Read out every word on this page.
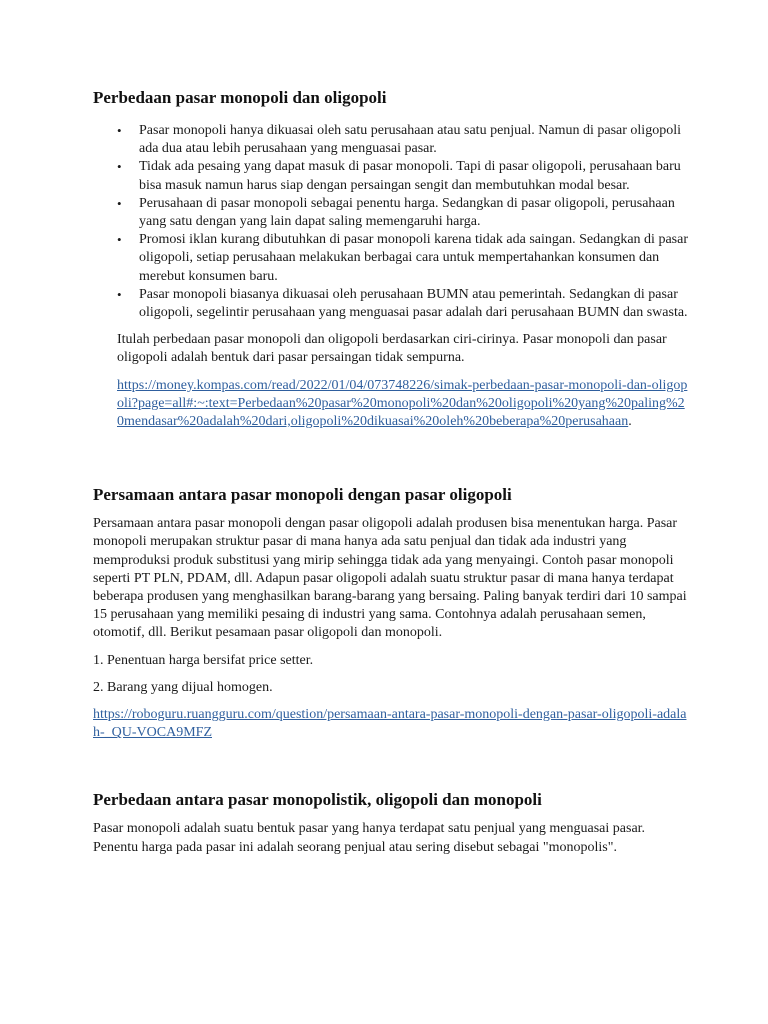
Perbedaan pasar monopoli dan oligopoli
• Pasar monopoli hanya dikuasai oleh satu perusahaan atau satu penjual. Namun di pasar oligopoli ada dua atau lebih perusahaan yang menguasai pasar.
• Tidak ada pesaing yang dapat masuk di pasar monopoli. Tapi di pasar oligopoli, perusahaan baru bisa masuk namun harus siap dengan persaingan sengit dan membutuhkan modal besar.
• Perusahaan di pasar monopoli sebagai penentu harga. Sedangkan di pasar oligopoli, perusahaan yang satu dengan yang lain dapat saling memengaruhi harga.
• Promosi iklan kurang dibutuhkan di pasar monopoli karena tidak ada saingan. Sedangkan di pasar oligopoli, setiap perusahaan melakukan berbagai cara untuk mempertahankan konsumen dan merebut konsumen baru.
• Pasar monopoli biasanya dikuasai oleh perusahaan BUMN atau pemerintah. Sedangkan di pasar oligopoli, segelintir perusahaan yang menguasai pasar adalah dari perusahaan BUMN dan swasta.

Itulah perbedaan pasar monopoli dan oligopoli berdasarkan ciri-cirinya. Pasar monopoli dan pasar oligopoli adalah bentuk dari pasar persaingan tidak sempurna.

https://money.kompas.com/read/2022/01/04/073748226/simak-perbedaan-pasar-monopoli-dan-oligopoli?page=all#:~:text=Perbedaan%20pasar%20monopoli%20dan%20oligopoli%20yang%20paling%20mendasar%20adalah%20dari,oligopoli%20dikuasai%20oleh%20beberapa%20perusahaan.

Persamaan antara pasar monopoli dengan pasar oligopoli

Persamaan antara pasar monopoli dengan pasar oligopoli adalah produsen bisa menentukan harga. Pasar monopoli merupakan struktur pasar di mana hanya ada satu penjual dan tidak ada industri yang memproduksi produk substitusi yang mirip sehingga tidak ada yang menyaingi. Contoh pasar monopoli seperti PT PLN, PDAM, dll. Adapun pasar oligopoli adalah suatu struktur pasar di mana hanya terdapat beberapa produsen yang menghasilkan barang-barang yang bersaing. Paling banyak terdiri dari 10 sampai 15 perusahaan yang memiliki pesaing di industri yang sama. Contohnya adalah perusahaan semen, otomotif, dll. Berikut pesamaan pasar oligopoli dan monopoli.

1. Penentuan harga bersifat price setter.

2. Barang yang dijual homogen.

https://roboguru.ruangguru.com/question/persamaan-antara-pasar-monopoli-dengan-pasar-oligopoli-adalah-_QU-VOCA9MFZ

Perbedaan antara pasar monopolistik, oligopoli dan monopoli

Pasar monopoli adalah suatu bentuk pasar yang hanya terdapat satu penjual yang menguasai pasar. Penentu harga pada pasar ini adalah seorang penjual atau sering disebut sebagai "monopolis".
